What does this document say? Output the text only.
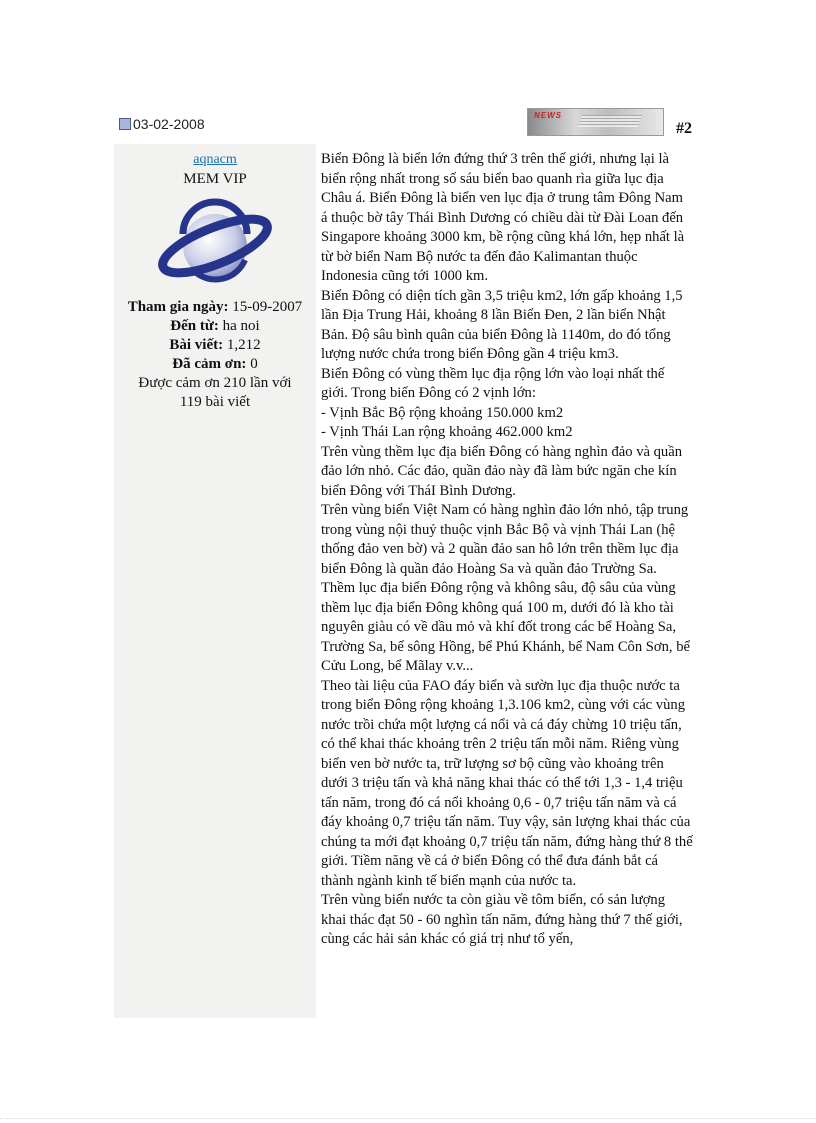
03-02-2008
NEWS
#2
aqnacm
MEM VIP
Tham gia ngày: 15-09-2007
Đến từ: ha noi
Bài viết: 1,212
Đã cảm ơn: 0
Được cảm ơn 210 lần với
119 bài viết

Biển Đông là biển lớn đứng thứ 3 trên thế giới, nhưng lại là biển rộng nhất trong số sáu biển bao quanh rìa giữa lục địa Châu á. Biển Đông là biển ven lục địa ở trung tâm Đông Nam á thuộc bờ tây Thái Bình Dương có chiều dài từ Đài Loan đến Singapore khoảng 3000 km, bề rộng cũng khá lớn, hẹp nhất là từ bờ biển Nam Bộ nước ta đến đảo Kalimantan thuộc Indonesia cũng tới 1000 km.

Biển Đông có diện tích gần 3,5 triệu km2, lớn gấp khoảng 1,5 lần Địa Trung Hải, khoảng 8 lần Biển Đen, 2 lần biển Nhật Bản. Độ sâu bình quân của biển Đông là 1140m, do đó tổng lượng nước chứa trong biển Đông gần 4 triệu km3.

Biển Đông có vùng thềm lục địa rộng lớn vào loại nhất thế giới. Trong biển Đông có 2 vịnh lớn:

- Vịnh Bắc Bộ rộng khoảng 150.000 km2

- Vịnh Thái Lan rộng khoảng 462.000 km2

Trên vùng thềm lục địa biển Đông có hàng nghìn đảo và quần đảo lớn nhỏ. Các đảo, quần đảo này đã làm bức ngăn che kín biển Đông với TháI Bình Dương.

Trên vùng biển Việt Nam có hàng nghìn đảo lớn nhỏ, tập trung trong vùng nội thuỷ thuộc vịnh Bắc Bộ và vịnh Thái Lan (hệ thống đảo ven bờ) và 2 quần đảo san hô lớn trên thềm lục địa biển Đông là quần đảo Hoàng Sa và quần đảo Trường Sa. Thềm lục địa biển Đông rộng và không sâu, độ sâu của vùng thềm lục địa biển Đông không quá 100 m, dưới đó là kho tài nguyên giàu có về dầu mỏ và khí đốt trong các bể Hoàng Sa, Trường Sa, bể sông Hồng, bể Phú Khánh, bể Nam Côn Sơn, bể Cửu Long, bể Mãlay v.v...

Theo tài liệu của FAO đáy biển và sườn lục địa thuộc nước ta trong biển Đông rộng khoảng 1,3.106 km2, cùng với các vùng nước trồi chứa một lượng cá nổi và cá đáy chừng 10 triệu tấn, có thể khai thác khoảng trên 2 triệu tấn mỗi năm. Riêng vùng biển ven bờ nước ta, trữ lượng sơ bộ cũng vào khoảng trên dưới 3 triệu tấn và khả năng khai thác có thể tới 1,3 - 1,4 triệu tấn năm, trong đó cá nổi khoảng 0,6 - 0,7 triệu tấn năm và cá đáy khoảng 0,7 triệu tấn năm. Tuy vậy, sản lượng khai thác của chúng ta mới đạt khoảng 0,7 triệu tấn năm, đứng hàng thứ 8 thế giới. Tiềm năng về cá ở biển Đông có thể đưa đánh bắt cá thành ngành kinh tế biển mạnh của nước ta.

Trên vùng biển nước ta còn giàu về tôm biển, có sản lượng khai thác đạt 50 - 60 nghìn tấn năm, đứng hàng thứ 7 thế giới, cùng các hải sản khác có giá trị như tổ yến,
